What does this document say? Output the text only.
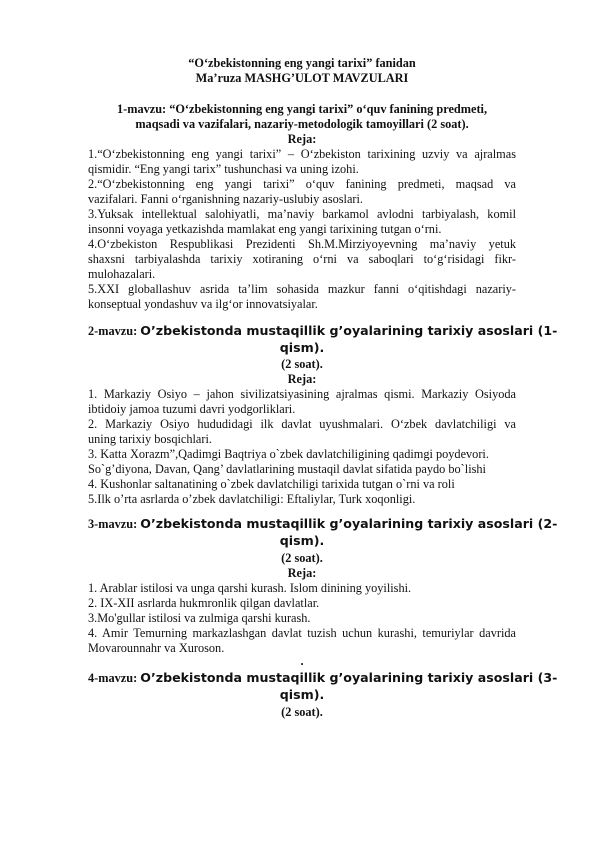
“O‘zbekistonning eng yangi tarixi” fanidan
Ma’ruza MASHG’ULOT MAVZULARI
1-mavzu: “O‘zbekistonning eng yangi tarixi” o‘quv fanining predmeti,
maqsadi va vazifalari, nazariy-metodologik tamoyillari (2 soat).
Reja:
1.“O‘zbekistonning eng yangi tarixi” – O‘zbekiston tarixining uzviy va ajralmas
qismidir. “Eng yangi tarix” tushunchasi va uning izohi.
2.“O‘zbekistonning eng yangi tarixi” o‘quv fanining predmeti, maqsad va
vazifalari. Fanni o‘rganishning nazariy-uslubiy asoslari.
3.Yuksak intellektual salohiyatli, ma’naviy barkamol avlodni tarbiyalash, komil
insonni voyaga yetkazishda mamlakat eng yangi tarixining tutgan o‘rni.
4.O‘zbekiston Respublikasi Prezidenti Sh.M.Mirziyoyevning ma’naviy yetuk
shaxsni tarbiyalashda tarixiy xotiraning o‘rni va saboqlari to‘g‘risidagi fikr-
mulohazalari.
5.XXI globallashuv asrida ta’lim sohasida mazkur fanni o‘qitishdagi nazariy-
konseptual yondashuv va ilg‘or innovatsiyalar.
2-mavzu: O’zbekistonda mustaqillik g’oyalarining tarixiy asoslari (1-
qism).
(2 soat).
Reja:
1. Markaziy Osiyo – jahon sivilizatsiyasining ajralmas qismi. Markaziy Osiyoda
ibtidoiy jamoa tuzumi davri yodgorliklari.
2. Markaziy Osiyo hududidagi ilk davlat uyushmalari. O‘zbek davlatchiligi va
uning tarixiy bosqichlari.
3. Katta Xorazm”,Qadimgi Baqtriya o`zbek davlatchiligining qadimgi poydevori.
So`g’diyona, Davan, Qang’ davlatlarining mustaqil davlat sifatida paydo bo`lishi
4. Kushonlar saltanatining o`zbek davlatchiligi tarixida tutgan o`rni va roli
5.Ilk o’rta asrlarda o’zbek davlatchiligi: Eftaliylar, Turk xoqonligi.
3-mavzu: O’zbekistonda mustaqillik g’oyalarining tarixiy asoslari (2-
qism).
(2 soat).
Reja:
1. Arablar istilosi va unga qarshi kurash. Islom dinining yoyilishi.
2. IX-XII asrlarda hukmronlik qilgan davlatlar.
3.Mo'gullar istilosi va zulmiga qarshi kurash.
4. Amir Temurning markazlashgan davlat tuzish uchun kurashi, temuriylar davrida
Movarounnahr va Xuroson.
.
4-mavzu: O’zbekistonda mustaqillik g’oyalarining tarixiy asoslari (3-
qism).
(2 soat).
